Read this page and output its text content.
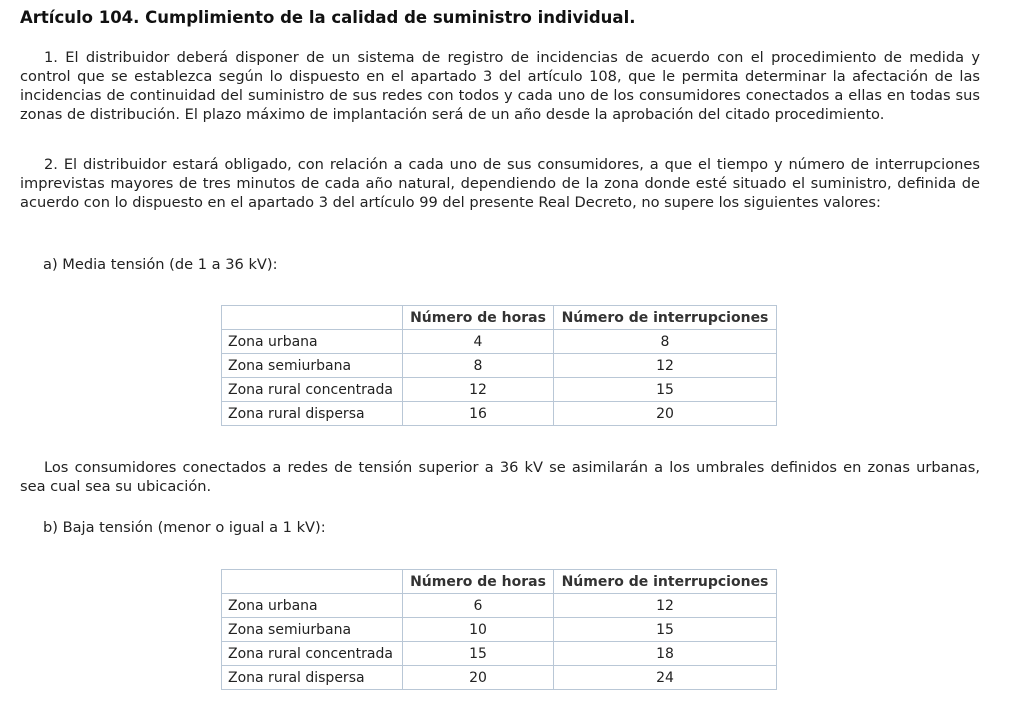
Artículo 104. Cumplimiento de la calidad de suministro individual.

1. El distribuidor deberá disponer de un sistema de registro de incidencias de acuerdo con el procedimiento de medida y control que se establezca según lo dispuesto en el apartado 3 del artículo 108, que le permita determinar la afectación de las incidencias de continuidad del suministro de sus redes con todos y cada uno de los consumidores conectados a ellas en todas sus zonas de distribución. El plazo máximo de implantación será de un año desde la aprobación del citado procedimiento.

2. El distribuidor estará obligado, con relación a cada uno de sus consumidores, a que el tiempo y número de interrupciones imprevistas mayores de tres minutos de cada año natural, dependiendo de la zona donde esté situado el suministro, definida de acuerdo con lo dispuesto en el apartado 3 del artículo 99 del presente Real Decreto, no supere los siguientes valores:

a) Media tensión (de 1 a 36 kV):

	Número de horas	Número de interrupciones
Zona urbana	4	8
Zona semiurbana	8	12
Zona rural concentrada	12	15
Zona rural dispersa	16	20

Los consumidores conectados a redes de tensión superior a 36 kV se asimilarán a los umbrales definidos en zonas urbanas, sea cual sea su ubicación.

b) Baja tensión (menor o igual a 1 kV):

	Número de horas	Número de interrupciones
Zona urbana	6	12
Zona semiurbana	10	15
Zona rural concentrada	15	18
Zona rural dispersa	20	24
